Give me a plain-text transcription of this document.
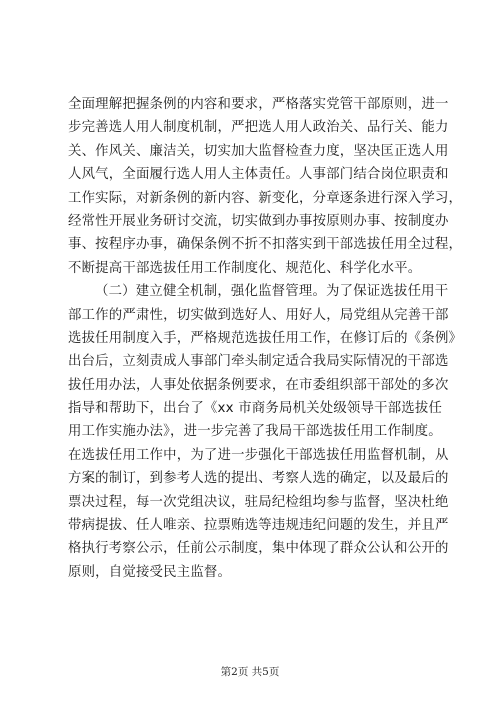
全面理解把握条例的内容和要求，严格落实党管干部原则，进一
步完善选人用人制度机制，严把选人用人政治关、品行关、能力
关、作风关、廉洁关，切实加大监督检查力度，坚决匡正选人用
人风气，全面履行选人用人主体责任。人事部门结合岗位职责和
工作实际，对新条例的新内容、新变化，分章逐条进行深入学习，
经常性开展业务研讨交流，切实做到办事按原则办事、按制度办
事、按程序办事，确保条例不折不扣落实到干部选拔任用全过程，
不断提高干部选拔任用工作制度化、规范化、科学化水平。
（二）建立健全机制，强化监督管理。为了保证选拔任用干
部工作的严肃性，切实做到选好人、用好人，局党组从完善干部
选拔任用制度入手，严格规范选拔任用工作，在修订后的《条例》
出台后，立刻责成人事部门牵头制定适合我局实际情况的干部选
拔任用办法，人事处依据条例要求，在市委组织部干部处的多次
指导和帮助下，出台了《xx 市商务局机关处级领导干部选拔任
用工作实施办法》，进一步完善了我局干部选拔任用工作制度。
在选拔任用工作中，为了进一步强化干部选拔任用监督机制，从
方案的制订，到参考人选的提出、考察人选的确定，以及最后的
票决过程，每一次党组决议，驻局纪检组均参与监督，坚决杜绝
带病提拔、任人唯亲、拉票贿选等违规违纪问题的发生，并且严
格执行考察公示，任前公示制度，集中体现了群众公认和公开的
原则，自觉接受民主监督。
第2页 共5页
